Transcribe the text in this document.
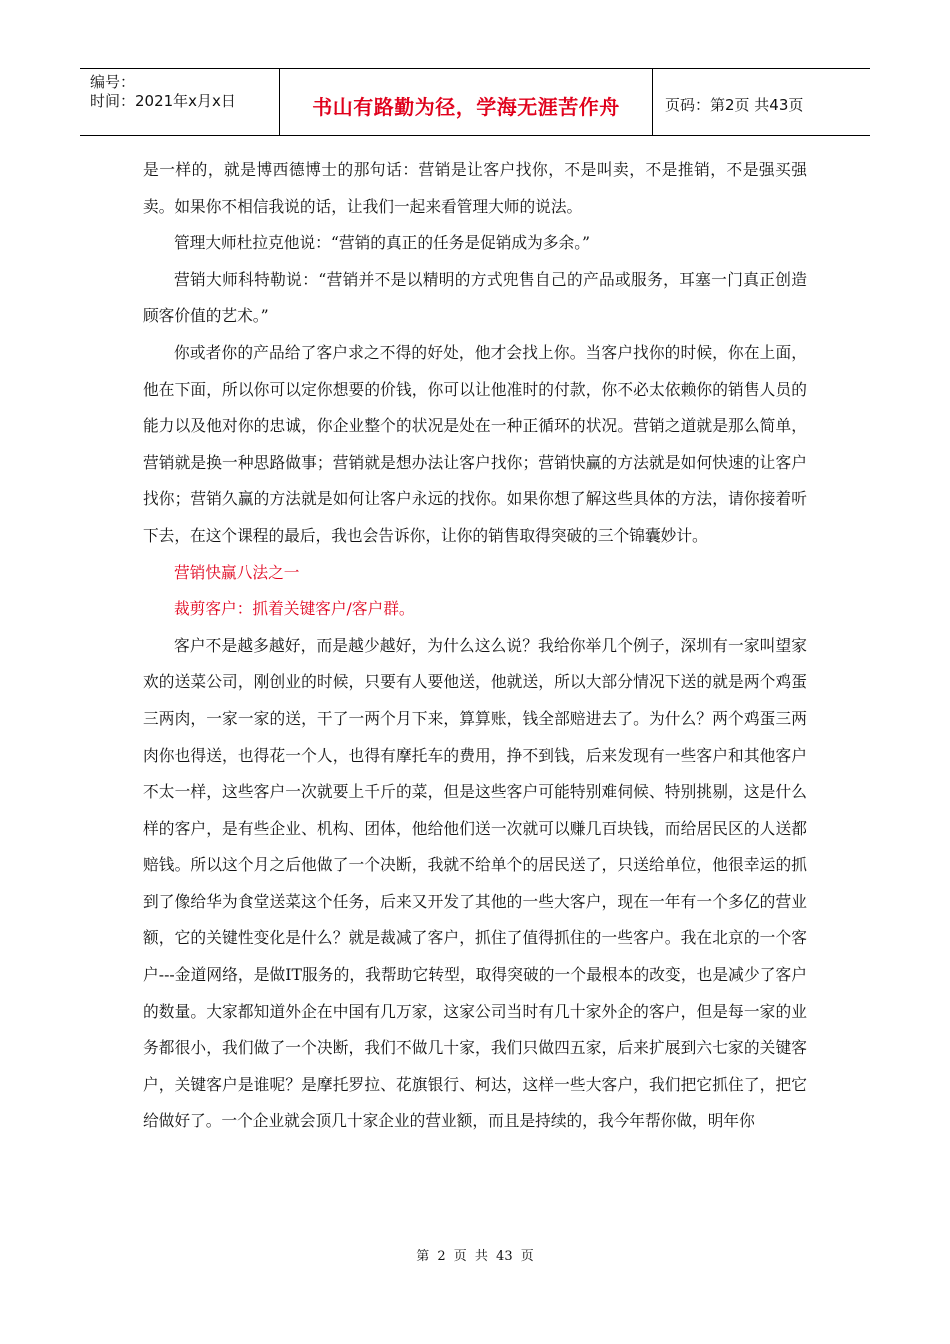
编号：
时间：2021年x月x日	书山有路勤为径，学海无涯苦作舟	页码：第2页 共43页

是一样的，就是博西德博士的那句话：营销是让客户找你，不是叫卖，不是推销，不是强买强卖。如果你不相信我说的话，让我们一起来看管理大师的说法。

管理大师杜拉克他说：“营销的真正的任务是促销成为多余。”

营销大师科特勒说：“营销并不是以精明的方式兜售自己的产品或服务，耳塞一门真正创造顾客价值的艺术。”

你或者你的产品给了客户求之不得的好处，他才会找上你。当客户找你的时候，你在上面，他在下面，所以你可以定你想要的价钱，你可以让他准时的付款，你不必太依赖你的销售人员的能力以及他对你的忠诚，你企业整个的状况是处在一种正循环的状况。营销之道就是那么简单，营销就是换一种思路做事；营销就是想办法让客户找你；营销快赢的方法就是如何快速的让客户找你；营销久赢的方法就是如何让客户永远的找你。如果你想了解这些具体的方法，请你接着听下去，在这个课程的最后，我也会告诉你，让你的销售取得突破的三个锦囊妙计。

营销快赢八法之一

裁剪客户：抓着关键客户/客户群。

客户不是越多越好，而是越少越好，为什么这么说？我给你举几个例子，深圳有一家叫望家欢的送菜公司，刚创业的时候，只要有人要他送，他就送，所以大部分情况下送的就是两个鸡蛋三两肉，一家一家的送，干了一两个月下来，算算账，钱全部赔进去了。为什么？两个鸡蛋三两肉你也得送，也得花一个人，也得有摩托车的费用，挣不到钱，后来发现有一些客户和其他客户不太一样，这些客户一次就要上千斤的菜，但是这些客户可能特别难伺候、特别挑剔，这是什么样的客户，是有些企业、机构、团体，他给他们送一次就可以赚几百块钱，而给居民区的人送都赔钱。所以这个月之后他做了一个决断，我就不给单个的居民送了，只送给单位，他很幸运的抓到了像给华为食堂送菜这个任务，后来又开发了其他的一些大客户，现在一年有一个多亿的营业额，它的关键性变化是什么？就是裁减了客户，抓住了值得抓住的一些客户。我在北京的一个客户---金道网络，是做IT服务的，我帮助它转型，取得突破的一个最根本的改变，也是减少了客户的数量。大家都知道外企在中国有几万家，这家公司当时有几十家外企的客户，但是每一家的业务都很小，我们做了一个决断，我们不做几十家，我们只做四五家，后来扩展到六七家的关键客户，关键客户是谁呢？是摩托罗拉、花旗银行、柯达，这样一些大客户，我们把它抓住了，把它给做好了。一个企业就会顶几十家企业的营业额，而且是持续的，我今年帮你做，明年你

第 2 页 共 43 页
